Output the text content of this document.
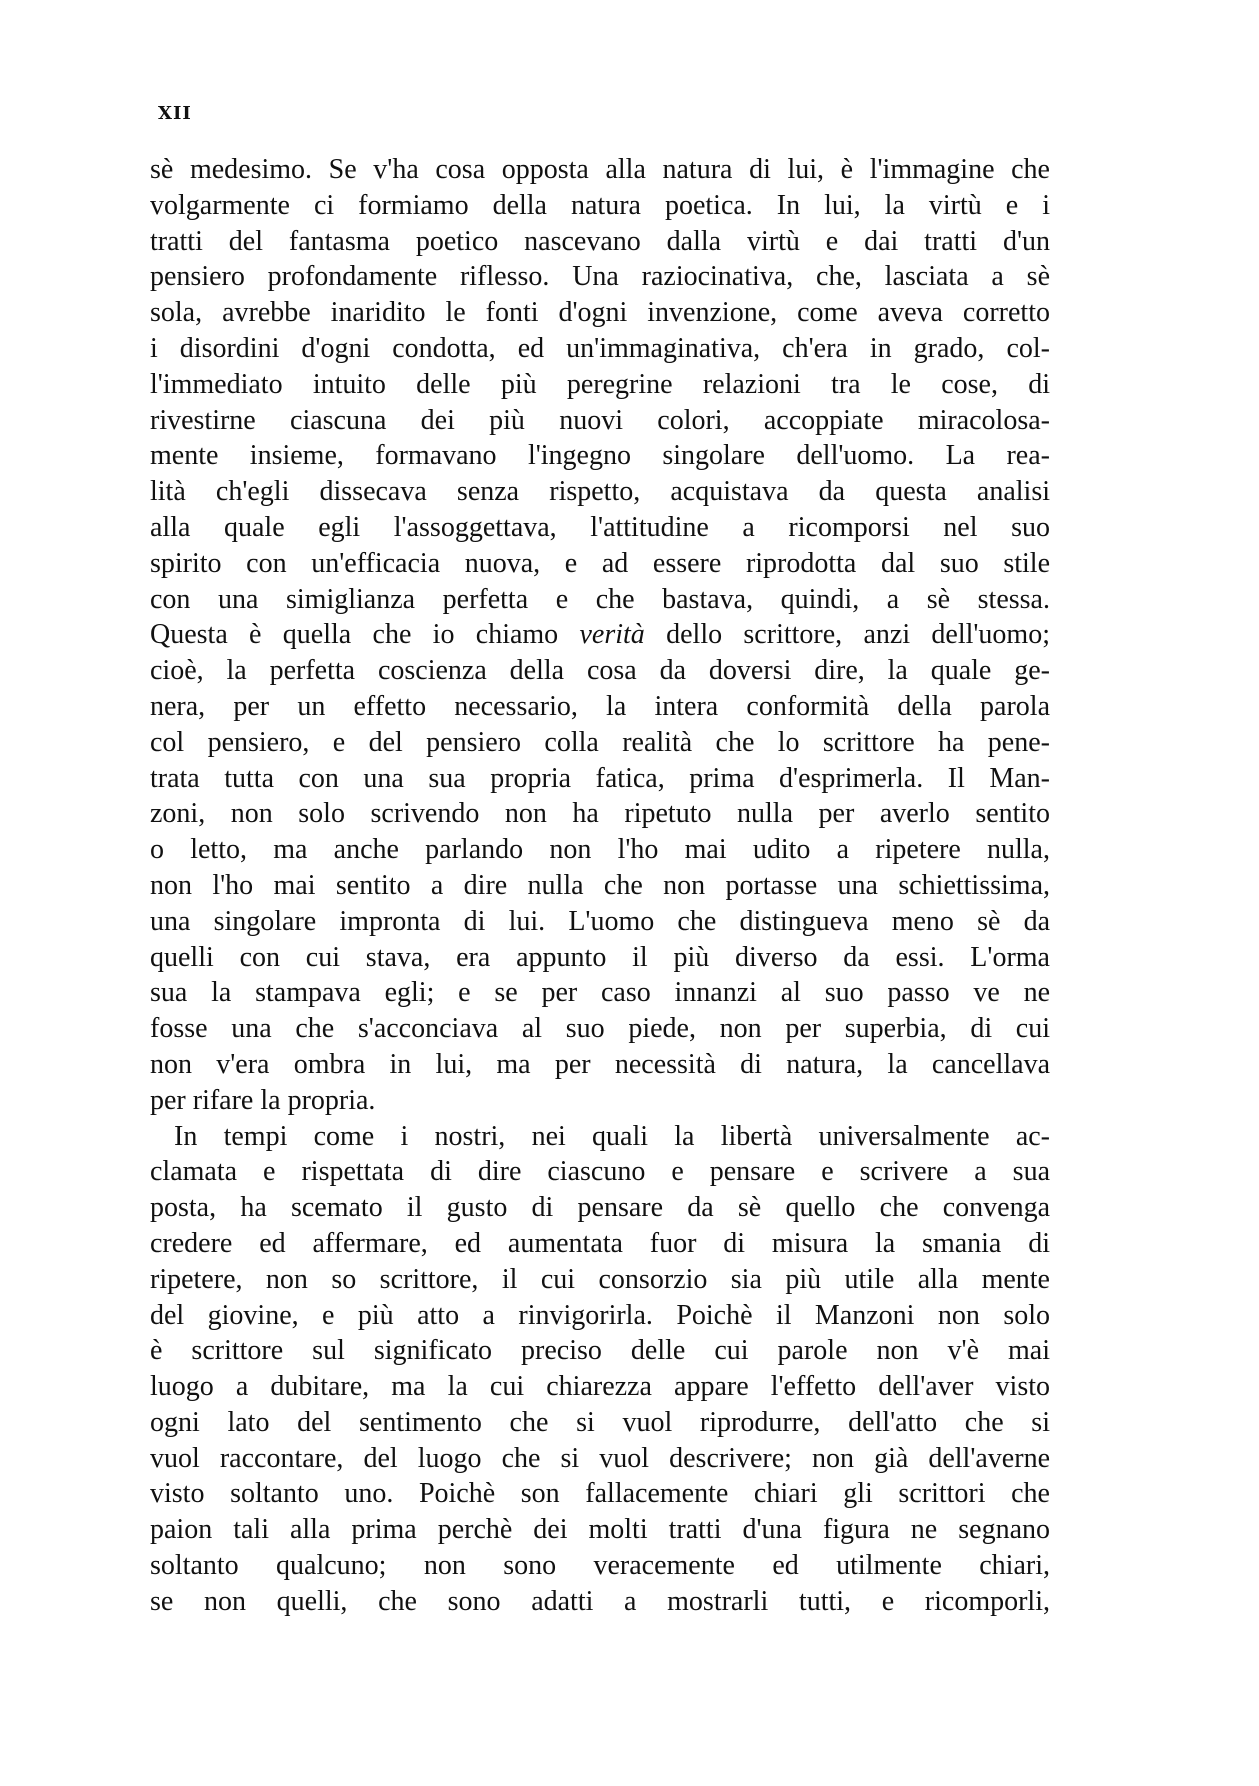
XII
sè medesimo. Se v'ha cosa opposta alla natura di lui, è l'immagine che
volgarmente ci formiamo della natura poetica. In lui, la virtù e i
tratti del fantasma poetico nascevano dalla virtù e dai tratti d'un
pensiero profondamente riflesso. Una raziocinativa, che, lasciata a sè
sola, avrebbe inaridito le fonti d'ogni invenzione, come aveva corretto
i disordini d'ogni condotta, ed un'immaginativa, ch'era in grado, col-
l'immediato intuito delle più peregrine relazioni tra le cose, di
rivestirne ciascuna dei più nuovi colori, accoppiate miracolosa-
mente insieme, formavano l'ingegno singolare dell'uomo. La rea-
lità ch'egli dissecava senza rispetto, acquistava da questa analisi
alla quale egli l'assoggettava, l'attitudine a ricomporsi nel suo
spirito con un'efficacia nuova, e ad essere riprodotta dal suo stile
con una simiglianza perfetta e che bastava, quindi, a sè stessa.
Questa è quella che io chiamo verità dello scrittore, anzi dell'uomo;
cioè, la perfetta coscienza della cosa da doversi dire, la quale ge-
nera, per un effetto necessario, la intera conformità della parola
col pensiero, e del pensiero colla realità che lo scrittore ha pene-
trata tutta con una sua propria fatica, prima d'esprimerla. Il Man-
zoni, non solo scrivendo non ha ripetuto nulla per averlo sentito
o letto, ma anche parlando non l'ho mai udito a ripetere nulla,
non l'ho mai sentito a dire nulla che non portasse una schiettissima,
una singolare impronta di lui. L'uomo che distingueva meno sè da
quelli con cui stava, era appunto il più diverso da essi. L'orma
sua la stampava egli; e se per caso innanzi al suo passo ve ne
fosse una che s'acconciava al suo piede, non per superbia, di cui
non v'era ombra in lui, ma per necessità di natura, la cancellava
per rifare la propria.
In tempi come i nostri, nei quali la libertà universalmente ac-
clamata e rispettata di dire ciascuno e pensare e scrivere a sua
posta, ha scemato il gusto di pensare da sè quello che convenga
credere ed affermare, ed aumentata fuor di misura la smania di
ripetere, non so scrittore, il cui consorzio sia più utile alla mente
del giovine, e più atto a rinvigorirla. Poichè il Manzoni non solo
è scrittore sul significato preciso delle cui parole non v'è mai
luogo a dubitare, ma la cui chiarezza appare l'effetto dell'aver visto
ogni lato del sentimento che si vuol riprodurre, dell'atto che si
vuol raccontare, del luogo che si vuol descrivere; non già dell'averne
visto soltanto uno. Poichè son fallacemente chiari gli scrittori che
paion tali alla prima perchè dei molti tratti d'una figura ne segnano
soltanto qualcuno; non sono veracemente ed utilmente chiari,
se non quelli, che sono adatti a mostrarli tutti, e ricomporli,
